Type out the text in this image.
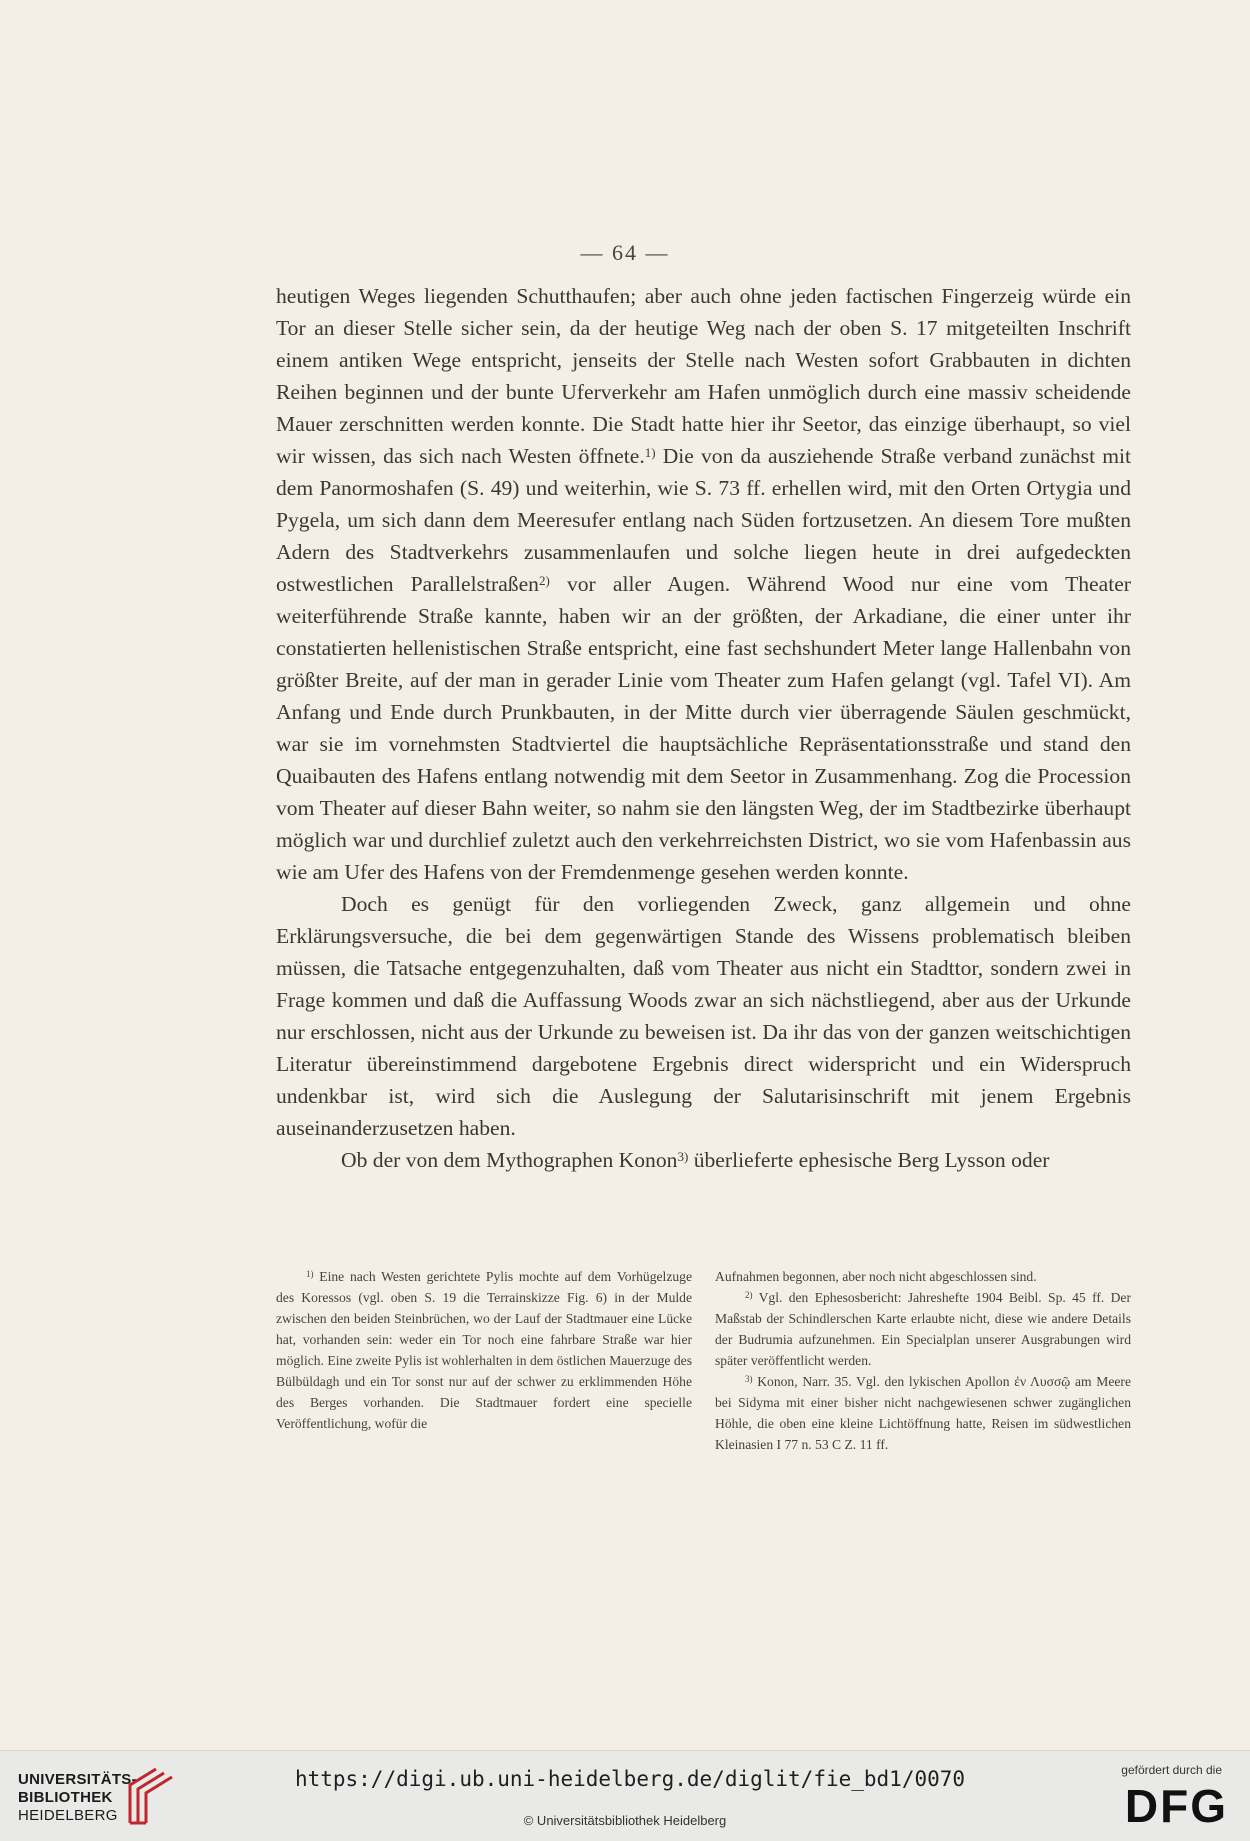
— 64 —

heutigen Weges liegenden Schutthaufen; aber auch ohne jeden factischen Fingerzeig würde ein Tor an dieser Stelle sicher sein, da der heutige Weg nach der oben S. 17 mitgeteilten Inschrift einem antiken Wege entspricht, jenseits der Stelle nach Westen sofort Grabbauten in dichten Reihen beginnen und der bunte Uferverkehr am Hafen unmöglich durch eine massiv scheidende Mauer zerschnitten werden konnte. Die Stadt hatte hier ihr Seetor, das einzige überhaupt, so viel wir wissen, das sich nach Westen öffnete.$^{1)}$ Die von da ausziehende Straße verband zunächst mit dem Panormoshafen (S. 49) und weiterhin, wie S. 73 ff. erhellen wird, mit den Orten Ortygia und Pygela, um sich dann dem Meeresufer entlang nach Süden fortzusetzen. An diesem Tore mußten Adern des Stadtverkehrs zusammenlaufen und solche liegen heute in drei aufgedeckten ostwestlichen Parallelstraßen$^{2)}$ vor aller Augen. Während Wood nur eine vom Theater weiterführende Straße kannte, haben wir an der größten, der Arkadiane, die einer unter ihr constatierten hellenistischen Straße entspricht, eine fast sechshundert Meter lange Hallenbahn von größter Breite, auf der man in gerader Linie vom Theater zum Hafen gelangt (vgl. Tafel VI). Am Anfang und Ende durch Prunkbauten, in der Mitte durch vier überragende Säulen geschmückt, war sie im vornehmsten Stadtviertel die hauptsächliche Repräsentationsstraße und stand den Quaibauten des Hafens entlang notwendig mit dem Seetor in Zusammenhang. Zog die Procession vom Theater auf dieser Bahn weiter, so nahm sie den längsten Weg, der im Stadtbezirke überhaupt möglich war und durchlief zuletzt auch den verkehrreichsten District, wo sie vom Hafenbassin aus wie am Ufer des Hafens von der Fremdenmenge gesehen werden konnte.

Doch es genügt für den vorliegenden Zweck, ganz allgemein und ohne Erklärungsversuche, die bei dem gegenwärtigen Stande des Wissens problematisch bleiben müssen, die Tatsache entgegenzuhalten, daß vom Theater aus nicht ein Stadttor, sondern zwei in Frage kommen und daß die Auffassung Woods zwar an sich nächstliegend, aber aus der Urkunde nur erschlossen, nicht aus der Urkunde zu beweisen ist. Da ihr das von der ganzen weitschichtigen Literatur übereinstimmend dargebotene Ergebnis direct widerspricht und ein Widerspruch undenkbar ist, wird sich die Auslegung der Salutarisinschrift mit jenem Ergebnis auseinanderzusetzen haben.

Ob der von dem Mythographen Konon$^{3)}$ überlieferte ephesische Berg Lysson oder

$^{1)}$ Eine nach Westen gerichtete Pylis mochte auf dem Vorhügelzuge des Koressos (vgl. oben S. 19 die Terrainskizze Fig. 6) in der Mulde zwischen den beiden Steinbrüchen, wo der Lauf der Stadtmauer eine Lücke hat, vorhanden sein: weder ein Tor noch eine fahrbare Straße war hier möglich. Eine zweite Pylis ist wohlerhalten in dem östlichen Mauerzuge des Bülbüldagh und ein Tor sonst nur auf der schwer zu erklimmenden Höhe des Berges vorhanden. Die Stadtmauer fordert eine specielle Veröffentlichung, wofür die

Aufnahmen begonnen, aber noch nicht abgeschlossen sind.

$^{2)}$ Vgl. den Ephesosbericht: Jahreshefte 1904 Beibl. Sp. 45 ff. Der Maßstab der Schindlerschen Karte erlaubte nicht, diese wie andere Details der Budrumia aufzunehmen. Ein Specialplan unserer Ausgrabungen wird später veröffentlicht werden.

$^{3)}$ Konon, Narr. 35. Vgl. den lykischen Apollon ἐν Λυσσῷ am Meere bei Sidyma mit einer bisher nicht nachgewiesenen schwer zugänglichen Höhle, die oben eine kleine Lichtöffnung hatte, Reisen im südwestlichen Kleinasien I 77 n. 53 C Z. 11 ff.

UNIVERSITÄTS-
BIBLIOTHEK
HEIDELBERG
https://digi.ub.uni-heidelberg.de/diglit/fie_bd1/0070
© Universitätsbibliothek Heidelberg
gefördert durch die
DFG
